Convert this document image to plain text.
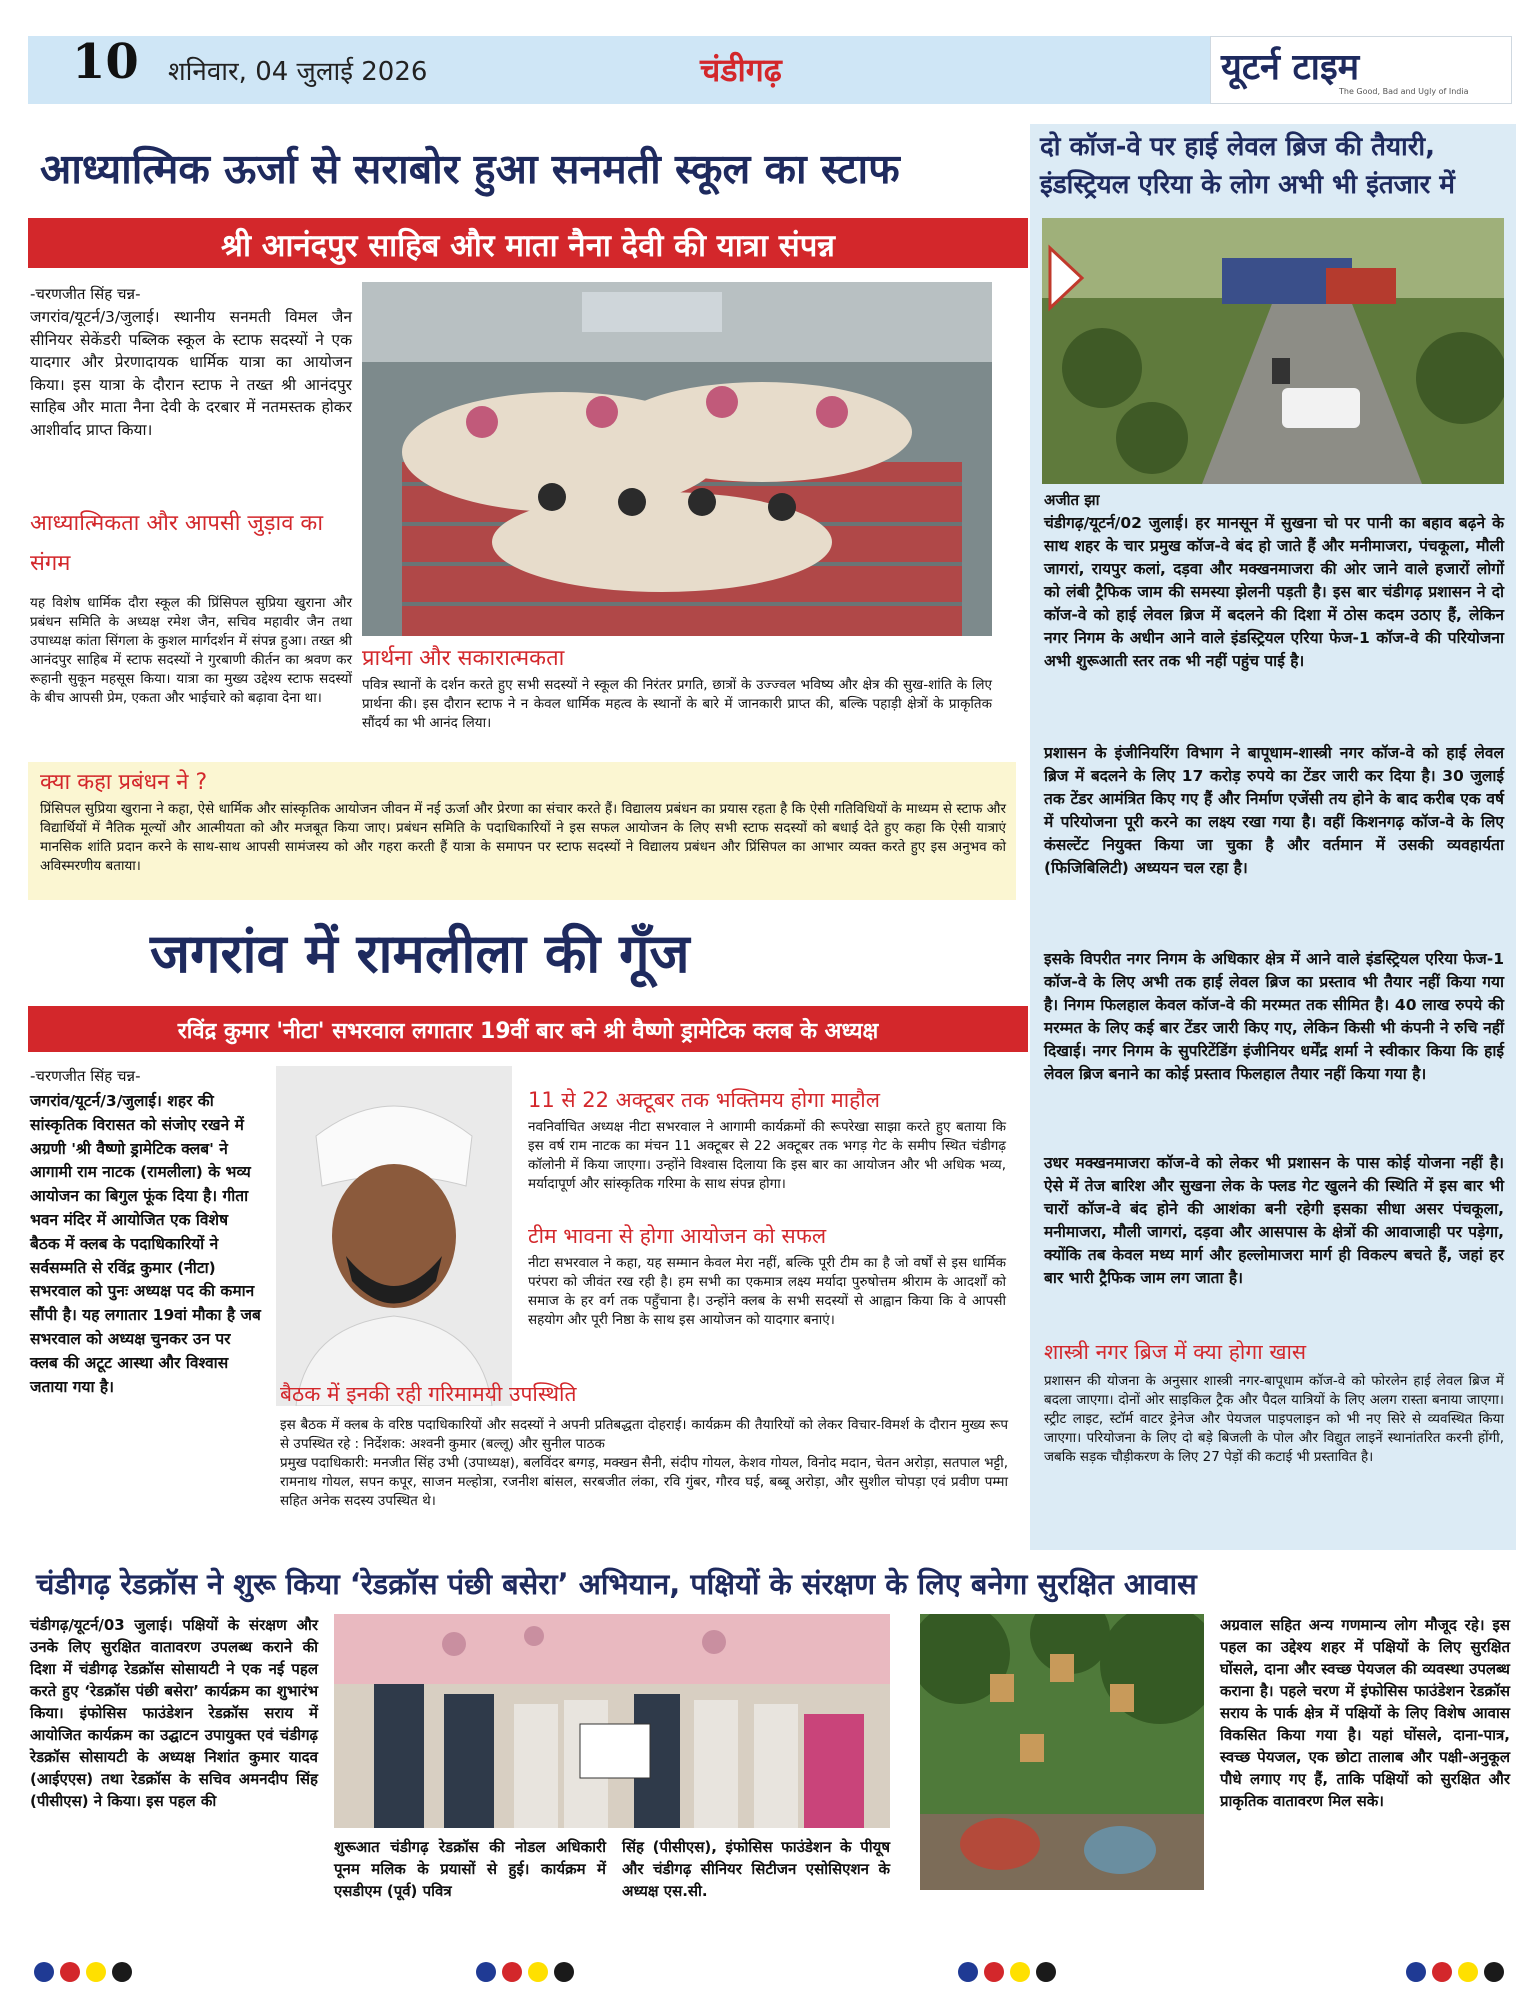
10 शनिवार, 04 जुलाई 2026	चंडीगढ़	यूटर्न टाइम
The Good, Bad and Ugly of India
आध्यात्मिक ऊर्जा से सराबोर हुआ सनमती स्कूल का स्टाफ
श्री आनंदपुर साहिब और माता नैना देवी की यात्रा संपन्न
-चरणजीत सिंह चन्न-
जगरांव/यूटर्न/3/जुलाई। स्थानीय सनमती विमल जैन सीनियर सेकेंडरी पब्लिक स्कूल के स्टाफ सदस्यों ने एक यादगार और प्रेरणादायक धार्मिक यात्रा का आयोजन किया। इस यात्रा के दौरान स्टाफ ने तख्त श्री आनंदपुर साहिब और माता नैना देवी के दरबार में नतमस्तक होकर आशीर्वाद प्राप्त किया।
आध्यात्मिकता और आपसी जुड़ाव का संगम
यह विशेष धार्मिक दौरा स्कूल की प्रिंसिपल सुप्रिया खुराना और प्रबंधन समिति के अध्यक्ष रमेश जैन, सचिव महावीर जैन तथा उपाध्यक्ष कांता सिंगला के कुशल मार्गदर्शन में संपन्न हुआ। तख्त श्री आनंदपुर साहिब में स्टाफ सदस्यों ने गुरबाणी कीर्तन का श्रवण कर रूहानी सुकून महसूस किया। यात्रा का मुख्य उद्देश्य स्टाफ सदस्यों के बीच आपसी प्रेम, एकता और भाईचारे को बढ़ावा देना था।
प्रार्थना और सकारात्मकता
पवित्र स्थानों के दर्शन करते हुए सभी सदस्यों ने स्कूल की निरंतर प्रगति, छात्रों के उज्ज्वल भविष्य और क्षेत्र की सुख-शांति के लिए प्रार्थना की। इस दौरान स्टाफ ने न केवल धार्मिक महत्व के स्थानों के बारे में जानकारी प्राप्त की, बल्कि पहाड़ी क्षेत्रों के प्राकृतिक सौंदर्य का भी आनंद लिया।
क्या कहा प्रबंधन ने ?
प्रिंसिपल सुप्रिया खुराना ने कहा, ऐसे धार्मिक और सांस्कृतिक आयोजन जीवन में नई ऊर्जा और प्रेरणा का संचार करते हैं। विद्यालय प्रबंधन का प्रयास रहता है कि ऐसी गतिविधियों के माध्यम से स्टाफ और विद्यार्थियों में नैतिक मूल्यों और आत्मीयता को और मजबूत किया जाए। प्रबंधन समिति के पदाधिकारियों ने इस सफल आयोजन के लिए सभी स्टाफ सदस्यों को बधाई देते हुए कहा कि ऐसी यात्राएं मानसिक शांति प्रदान करने के साथ-साथ आपसी सामंजस्य को और गहरा करती हैं यात्रा के समापन पर स्टाफ सदस्यों ने विद्यालय प्रबंधन और प्रिंसिपल का आभार व्यक्त करते हुए इस अनुभव को अविस्मरणीय बताया।
जगरांव में रामलीला की गूँज
रविंद्र कुमार 'नीटा' सभरवाल लगातार 19वीं बार बने श्री वैष्णो ड्रामेटिक क्लब के अध्यक्ष
-चरणजीत सिंह चन्न-
जगरांव/यूटर्न/3/जुलाई। शहर की सांस्कृतिक विरासत को संजोए रखने में अग्रणी 'श्री वैष्णो ड्रामेटिक क्लब' ने आगामी राम नाटक (रामलीला) के भव्य आयोजन का बिगुल फूंक दिया है। गीता भवन मंदिर में आयोजित एक विशेष बैठक में क्लब के पदाधिकारियों ने सर्वसम्मति से रविंद्र कुमार (नीटा) सभरवाल को पुनः अध्यक्ष पद की कमान सौंपी है। यह लगातार 19वां मौका है जब सभरवाल को अध्यक्ष चुनकर उन पर क्लब की अटूट आस्था और विश्वास जताया गया है।
11 से 22 अक्टूबर तक भक्तिमय होगा माहौल
नवनिर्वाचित अध्यक्ष नीटा सभरवाल ने आगामी कार्यक्रमों की रूपरेखा साझा करते हुए बताया कि इस वर्ष राम नाटक का मंचन 11 अक्टूबर से 22 अक्टूबर तक भगड़ गेट के समीप स्थित चंडीगढ़ कॉलोनी में किया जाएगा। उन्होंने विश्वास दिलाया कि इस बार का आयोजन और भी अधिक भव्य, मर्यादापूर्ण और सांस्कृतिक गरिमा के साथ संपन्न होगा।
टीम भावना से होगा आयोजन को सफल
नीटा सभरवाल ने कहा, यह सम्मान केवल मेरा नहीं, बल्कि पूरी टीम का है जो वर्षों से इस धार्मिक परंपरा को जीवंत रख रही है। हम सभी का एकमात्र लक्ष्य मर्यादा पुरुषोत्तम श्रीराम के आदर्शों को समाज के हर वर्ग तक पहुँचाना है। उन्होंने क्लब के सभी सदस्यों से आह्वान किया कि वे आपसी सहयोग और पूरी निष्ठा के साथ इस आयोजन को यादगार बनाएं।
बैठक में इनकी रही गरिमामयी उपस्थिति
इस बैठक में क्लब के वरिष्ठ पदाधिकारियों और सदस्यों ने अपनी प्रतिबद्धता दोहराई। कार्यक्रम की तैयारियों को लेकर विचार-विमर्श के दौरान मुख्य रूप से उपस्थित रहे : निर्देशक: अश्वनी कुमार (बल्लू) और सुनील पाठक
प्रमुख पदाधिकारी: मनजीत सिंह उभी (उपाध्यक्ष), बलविंदर बग्गड़, मक्खन सैनी, संदीप गोयल, केशव गोयल, विनोद मदान, चेतन अरोड़ा, सतपाल भट्टी, रामनाथ गोयल, सपन कपूर, साजन मल्होत्रा, रजनीश बांसल, सरबजीत लंका, रवि गुंबर, गौरव घई, बब्बू अरोड़ा, और सुशील चोपड़ा एवं प्रवीण पम्मा सहित अनेक सदस्य उपस्थित थे।
दो कॉज-वे पर हाई लेवल ब्रिज की तैयारी, इंडस्ट्रियल एरिया के लोग अभी भी इंतजार में
अजीत झा
चंडीगढ़/यूटर्न/02 जुलाई। हर मानसून में सुखना चो पर पानी का बहाव बढ़ने के साथ शहर के चार प्रमुख कॉज-वे बंद हो जाते हैं और मनीमाजरा, पंचकूला, मौली जागरां, रायपुर कलां, दड़वा और मक्खनमाजरा की ओर जाने वाले हजारों लोगों को लंबी ट्रैफिक जाम की समस्या झेलनी पड़ती है। इस बार चंडीगढ़ प्रशासन ने दो कॉज-वे को हाई लेवल ब्रिज में बदलने की दिशा में ठोस कदम उठाए हैं, लेकिन नगर निगम के अधीन आने वाले इंडस्ट्रियल एरिया फेज-1 कॉज-वे की परियोजना अभी शुरूआती स्तर तक भी नहीं पहुंच पाई है।
प्रशासन के इंजीनियरिंग विभाग ने बापूधाम-शास्त्री नगर कॉज-वे को हाई लेवल ब्रिज में बदलने के लिए 17 करोड़ रुपये का टेंडर जारी कर दिया है। 30 जुलाई तक टेंडर आमंत्रित किए गए हैं और निर्माण एजेंसी तय होने के बाद करीब एक वर्ष में परियोजना पूरी करने का लक्ष्य रखा गया है। वहीं किशनगढ़ कॉज-वे के लिए कंसल्टेंट नियुक्त किया जा चुका है और वर्तमान में उसकी व्यवहार्यता (फिजिबिलिटी) अध्ययन चल रहा है।
इसके विपरीत नगर निगम के अधिकार क्षेत्र में आने वाले इंडस्ट्रियल एरिया फेज-1 कॉज-वे के लिए अभी तक हाई लेवल ब्रिज का प्रस्ताव भी तैयार नहीं किया गया है। निगम फिलहाल केवल कॉज-वे की मरम्मत तक सीमित है। 40 लाख रुपये की मरम्मत के लिए कई बार टेंडर जारी किए गए, लेकिन किसी भी कंपनी ने रुचि नहीं दिखाई। नगर निगम के सुपरिटेंडिंग इंजीनियर धर्मेंद्र शर्मा ने स्वीकार किया कि हाई लेवल ब्रिज बनाने का कोई प्रस्ताव फिलहाल तैयार नहीं किया गया है।
उधर मक्खनमाजरा कॉज-वे को लेकर भी प्रशासन के पास कोई योजना नहीं है। ऐसे में तेज बारिश और सुखना लेक के फ्लड गेट खुलने की स्थिति में इस बार भी चारों कॉज-वे बंद होने की आशंका बनी रहेगी इसका सीधा असर पंचकूला, मनीमाजरा, मौली जागरां, दड़वा और आसपास के क्षेत्रों की आवाजाही पर पड़ेगा, क्योंकि तब केवल मध्य मार्ग और हल्लोमाजरा मार्ग ही विकल्प बचते हैं, जहां हर बार भारी ट्रैफिक जाम लग जाता है।
शास्त्री नगर ब्रिज में क्या होगा खास
प्रशासन की योजना के अनुसार शास्त्री नगर-बापूधाम कॉज-वे को फोरलेन हाई लेवल ब्रिज में बदला जाएगा। दोनों ओर साइकिल ट्रैक और पैदल यात्रियों के लिए अलग रास्ता बनाया जाएगा। स्ट्रीट लाइट, स्टॉर्म वाटर ड्रेनेज और पेयजल पाइपलाइन को भी नए सिरे से व्यवस्थित किया जाएगा। परियोजना के लिए दो बड़े बिजली के पोल और विद्युत लाइनें स्थानांतरित करनी होंगी, जबकि सड़क चौड़ीकरण के लिए 27 पेड़ों की कटाई भी प्रस्तावित है।
चंडीगढ़ रेडक्रॉस ने शुरू किया ‘रेडक्रॉस पंछी बसेरा’ अभियान, पक्षियों के संरक्षण के लिए बनेगा सुरक्षित आवास
चंडीगढ़/यूटर्न/03 जुलाई। पक्षियों के संरक्षण और उनके लिए सुरक्षित वातावरण उपलब्ध कराने की दिशा में चंडीगढ़ रेडक्रॉस सोसायटी ने एक नई पहल करते हुए ‘रेडक्रॉस पंछी बसेरा’ कार्यक्रम का शुभारंभ किया। इंफोसिस फाउंडेशन रेडक्रॉस सराय में आयोजित कार्यक्रम का उद्घाटन उपायुक्त एवं चंडीगढ़ रेडक्रॉस सोसायटी के अध्यक्ष निशांत कुमार यादव (आईएएस) तथा रेडक्रॉस के सचिव अमनदीप सिंह (पीसीएस) ने किया। इस पहल की
शुरूआत चंडीगढ़ रेडक्रॉस की नोडल अधिकारी पूनम मलिक के प्रयासों से हुई। कार्यक्रम में एसडीएम (पूर्व) पवित्र
सिंह (पीसीएस), इंफोसिस फाउंडेशन के पीयूष और चंडीगढ़ सीनियर सिटीजन एसोसिएशन के अध्यक्ष एस.सी.
अग्रवाल सहित अन्य गणमान्य लोग मौजूद रहे। इस पहल का उद्देश्य शहर में पक्षियों के लिए सुरक्षित घोंसले, दाना और स्वच्छ पेयजल की व्यवस्था उपलब्ध कराना है। पहले चरण में इंफोसिस फाउंडेशन रेडक्रॉस सराय के पार्क क्षेत्र में पक्षियों के लिए विशेष आवास विकसित किया गया है। यहां घोंसले, दाना-पात्र, स्वच्छ पेयजल, एक छोटा तालाब और पक्षी-अनुकूल पौधे लगाए गए हैं, ताकि पक्षियों को सुरक्षित और प्राकृतिक वातावरण मिल सके।
